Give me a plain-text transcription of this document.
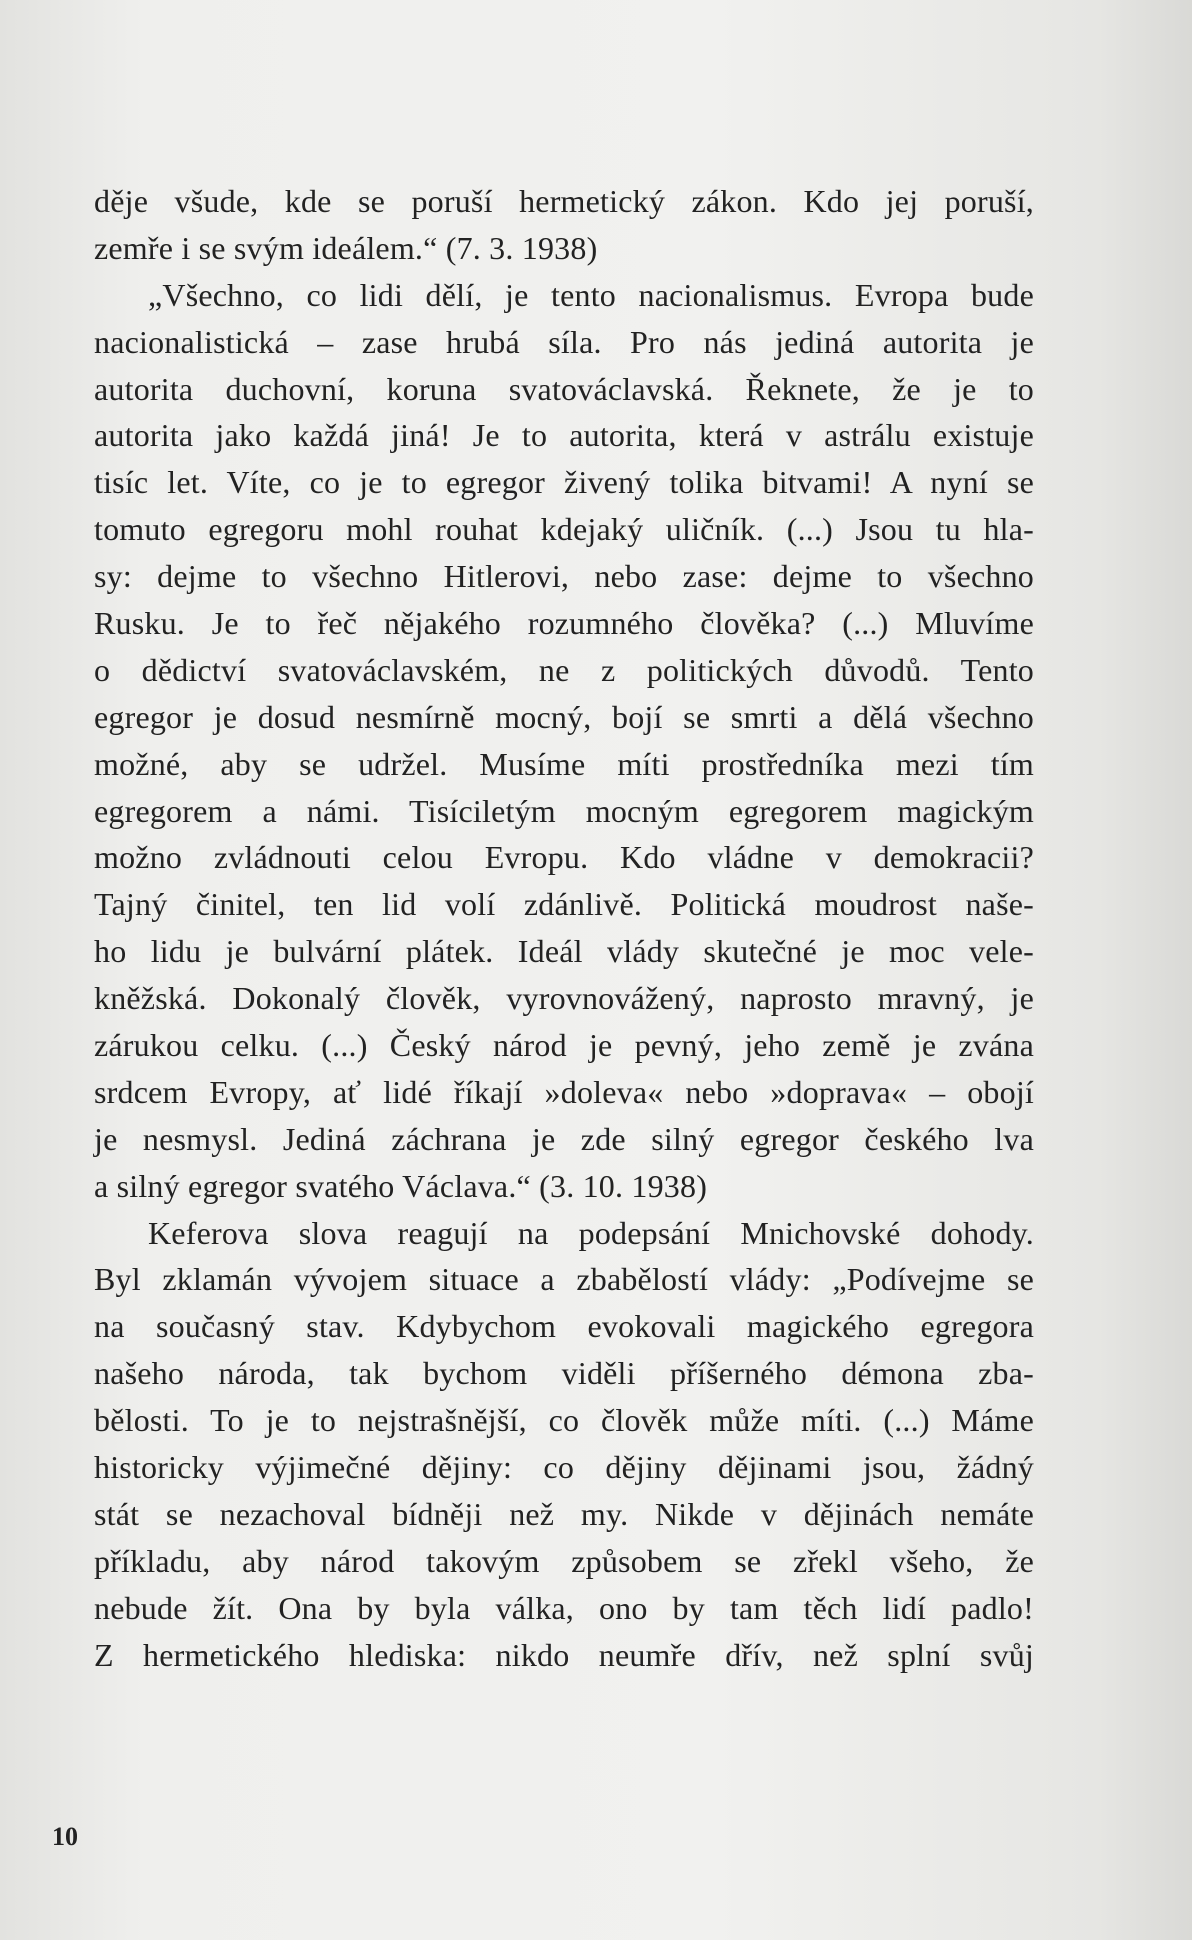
děje všude, kde se poruší hermetický zákon. Kdo jej poruší,
zemře i se svým ideálem.“ (7. 3. 1938)
„Všechno, co lidi dělí, je tento nacionalismus. Evropa bude
nacionalistická – zase hrubá síla. Pro nás jediná autorita je
autorita duchovní, koruna svatováclavská. Řeknete, že je to
autorita jako každá jiná! Je to autorita, která v astrálu existuje
tisíc let. Víte, co je to egregor živený tolika bitvami! A nyní se
tomuto egregoru mohl rouhat kdejaký uličník. (...) Jsou tu hla-
sy: dejme to všechno Hitlerovi, nebo zase: dejme to všechno
Rusku. Je to řeč nějakého rozumného člověka? (...) Mluvíme
o dědictví svatováclavském, ne z politických důvodů. Tento
egregor je dosud nesmírně mocný, bojí se smrti a dělá všechno
možné, aby se udržel. Musíme míti prostředníka mezi tím
egregorem a námi. Tisíciletým mocným egregorem magickým
možno zvládnouti celou Evropu. Kdo vládne v demokracii?
Tajný činitel, ten lid volí zdánlivě. Politická moudrost naše-
ho lidu je bulvární plátek. Ideál vlády skutečné je moc vele-
kněžská. Dokonalý člověk, vyrovnovážený, naprosto mravný, je
zárukou celku. (...) Český národ je pevný, jeho země je zvána
srdcem Evropy, ať lidé říkají »doleva« nebo »doprava« – obojí
je nesmysl. Jediná záchrana je zde silný egregor českého lva
a silný egregor svatého Václava.“ (3. 10. 1938)
Keferova slova reagují na podepsání Mnichovské dohody.
Byl zklamán vývojem situace a zbabělostí vlády: „Podívejme se
na současný stav. Kdybychom evokovali magického egregora
našeho národa, tak bychom viděli příšerného démona zba-
bělosti. To je to nejstrašnější, co člověk může míti. (...) Máme
historicky výjimečné dějiny: co dějiny dějinami jsou, žádný
stát se nezachoval bídněji než my. Nikde v dějinách nemáte
příkladu, aby národ takovým způsobem se zřekl všeho, že
nebude žít. Ona by byla válka, ono by tam těch lidí padlo!
Z hermetického hlediska: nikdo neumře dřív, než splní svůj
10
